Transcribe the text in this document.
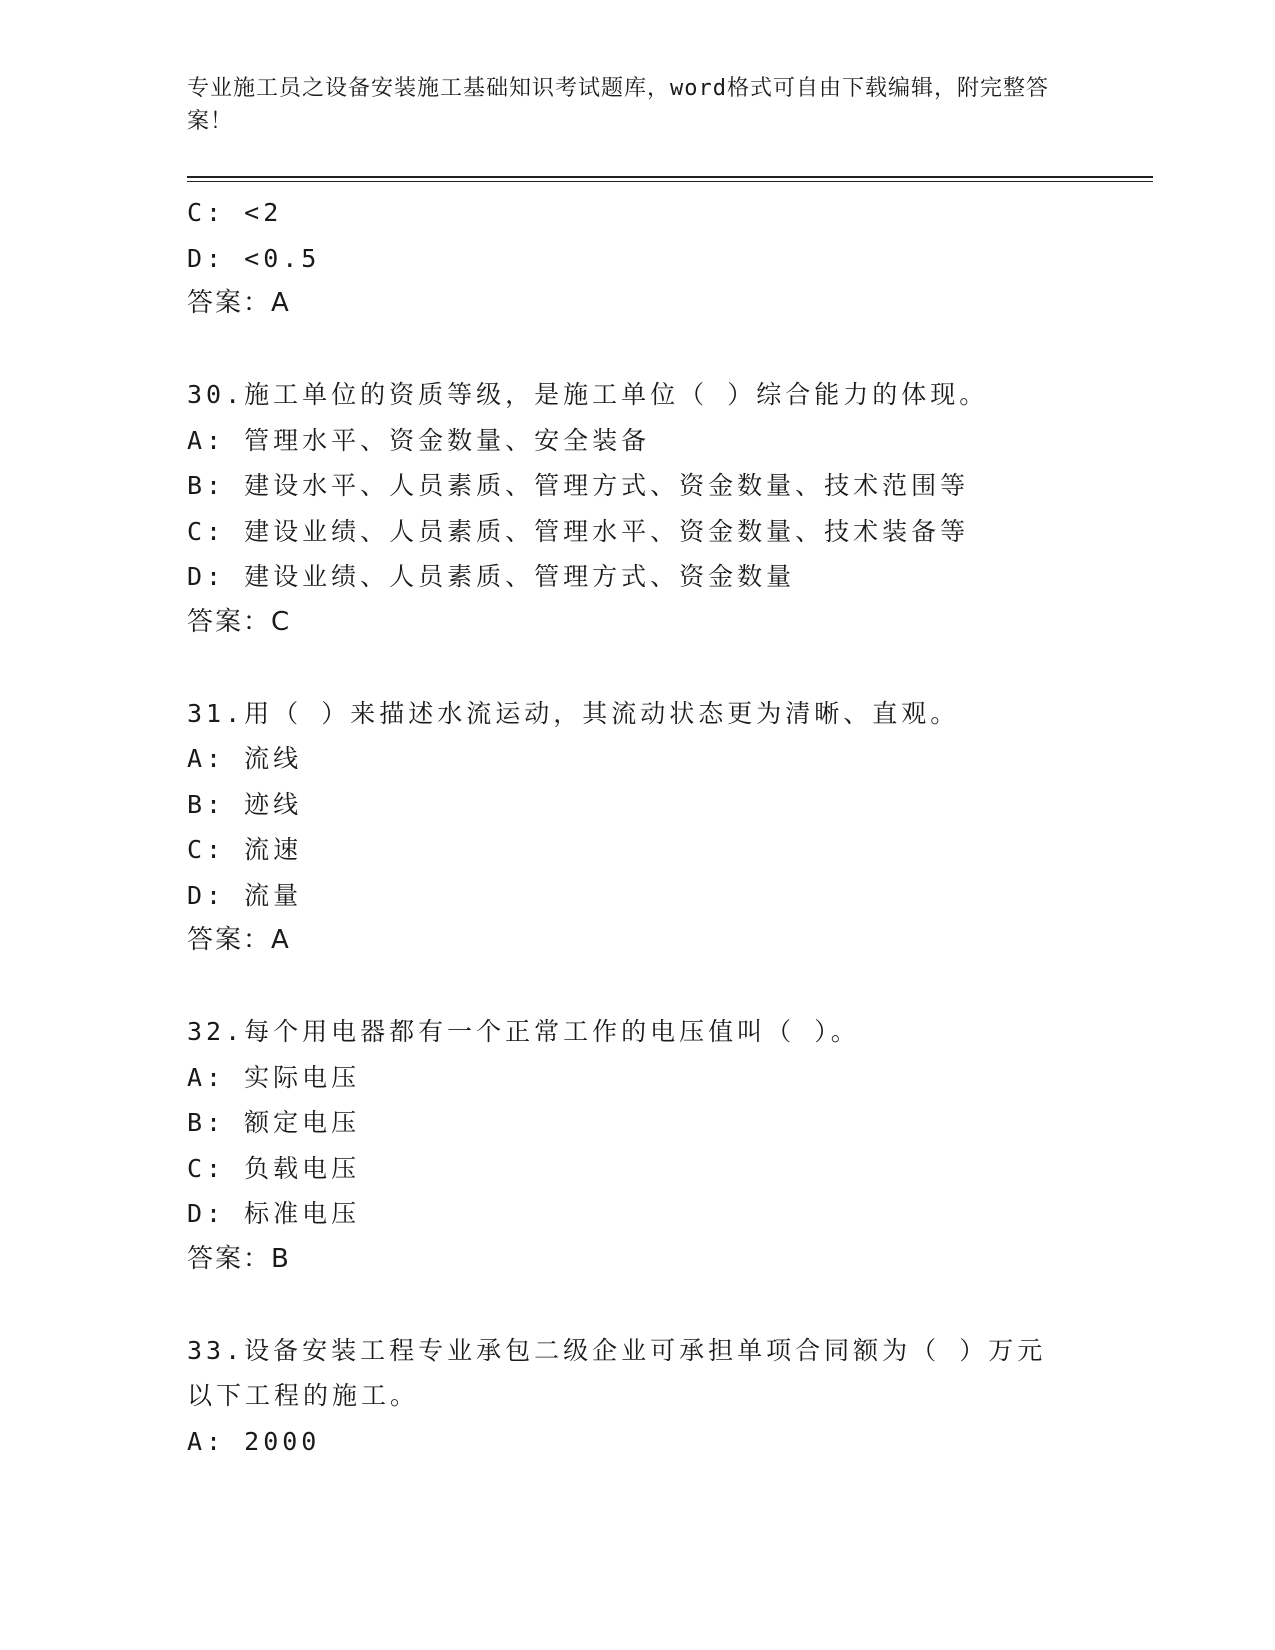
专业施工员之设备安装施工基础知识考试题库，word格式可自由下载编辑，附完整答案！
C: <2
D: <0.5
答案：A
30.施工单位的资质等级，是施工单位（ ）综合能力的体现。
A: 管理水平、资金数量、安全装备
B: 建设水平、人员素质、管理方式、资金数量、技术范围等
C: 建设业绩、人员素质、管理水平、资金数量、技术装备等
D: 建设业绩、人员素质、管理方式、资金数量
答案：C
31.用（ ）来描述水流运动，其流动状态更为清晰、直观。
A: 流线
B: 迹线
C: 流速
D: 流量
答案：A
32.每个用电器都有一个正常工作的电压值叫（ ）。
A: 实际电压
B: 额定电压
C: 负载电压
D: 标准电压
答案：B
33.设备安装工程专业承包二级企业可承担单项合同额为（ ）万元以下工程的施工。
A: 2000
